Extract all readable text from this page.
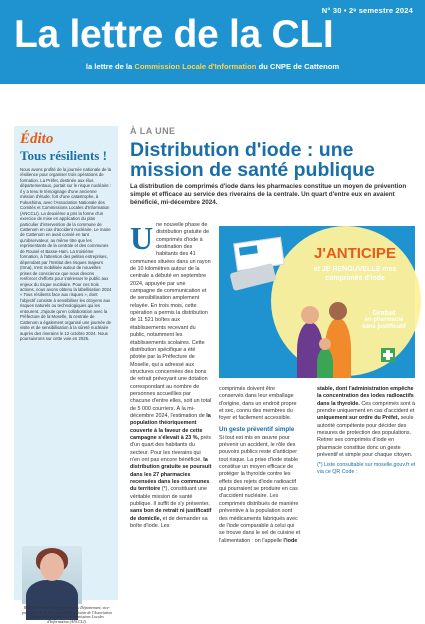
N° 30 • 2ᵉ semestre 2024
La lettre de la CLI
la lettre de la Commission Locale d'Information du CNPE de Cattenom
Édito
Tous résilients !
Nous avons profité de la journée nationale de la résilience pour organiser trois opérations de formation. La Préfet, destinée aux élus départementaux, portait sur le risque nucléaire : il y a tenu le témoignage d'une ancienne mission d'étude, fort d'une catastrophe, à Fukushima, avec l'Association Nationale des Comités et Commissions Locales d'Information (ANCCLI). La deuxième a pris la forme d'un exercice de mise en application du plan particulier d'intervention de la commune de Cattenom en cas d'accident nucléaire. Le maire de Cattenom en avait convié en tant qu'observateur, au même titre que les représentants de la centrale et des communes de Rousel et Basse-Ham. La troisième formation, à l'attention des petites entreprises, dépendant par l'Institut des risques majeurs (Irma), s'est mobilisée autour de nouvelles prises de conscience que nous devons renforcer d'efforts pour intéresser le public aux enjeux du risque nucléaire. Pour ces trois actions, nous avons obtenu la labellisation 2024 « Tous résilients face aux risques », dont l'objectif consiste à sensibiliser les citoyens aux risques naturels ou technologiques qui les entourent. J'ajoute qu'en collaboration avec la Préfecture de la Moselle, la centrale de Cattenom a également organisé une journée de visite et de sensibilisation à la sûreté nucléaire auprès des riverains le 12 octobre 2024. Nous poursuivrons sur cette voie en 2025.
Rachel Zirovnik, vice-présidente du Département, vice-présidente de la CLI, conseillère adjointe de l'Association Nationale des Comités et Commissions Locales d'Information (ANCCLI).
À LA UNE
Distribution d'iode : une mission de santé publique

La distribution de comprimés d'iode dans les pharmacies constitue un moyen de prévention simple et efficace au service des riverains de la centrale. Un quart d'entre eux en avaient bénéficié, mi-décembre 2024.

Une nouvelle phase de distribution gratuite de comprimés d'iode à destination des habitants des 41 communes situées dans un rayon de 10 kilomètres autour de la centrale a débuté en septembre 2024, appuyée par une campagne de communication et de sensibilisation amplement relayée. En trois mois, cette opération a permis la distribution de 11 521 boîtes aux établissements recevant du public, notamment les établissements scolaires. Cette distribution spécifique a été pilotée par la Préfecture de Moselle, qui a adressé aux structures concernées des bons de retrait prévoyant une dotation correspondant au nombre de personnes accueillies par chacune d'entre elles, soit un total de 5 000 courriers. À la mi-décembre 2024, l'estimation de la population théoriquement couverte à la faveur de cette campagne s'élevait à 23 %, prés d'un quart des habitants du secteur. Pour les riverains qui n'en ont pas encore bénéficié, la distribution gratuite se poursuit dans les 27 pharmacies recensées dans les communes du territoire (*), constituant une véritable mission de santé publique. Il suffit de s'y présenter, sans bon de retrait ni justificatif de domicile, et de demander sa boîte d'iode. Les
J'ANTICIPE
et JE RENOUVELLE mes comprimés d'iode
Gratuit
en pharmacie sans justificatif
comprimés doivent être conservés dans leur emballage d'origine, dans un endroit propre et sec, connu des membres du foyer et facilement accessible.
Un geste préventif simple
Si tout est mis en œuvre pour prévenir un accident, le rôle des pouvoirs publics reste d'anticiper tout risque. La prise d'iode stable constitue un moyen efficace de protéger la thyroïde contre les effets des rejets d'iode radioactif qui pourraient se produire en cas d'accident nucléaire. Les comprimés distribués de manière préventive à la population sont des médicaments fabriqués avec de l'iode comparable à celui qui se trouve dans le sel de cuisine et l'alimentation : on l'appelle l'iode
stable, dont l'administration empêche la concentration des iodes radioactifs dans la thyroïde. Ces comprimés sont à prendre uniquement en cas d'accident et uniquement sur ordre du Préfet, seule autorité compétente pour décider des mesures de protection des populations. Retirer ses comprimés d'iode en pharmacie constitue donc un geste préventif et simple pour chaque citoyen.
(*) Liste consultable sur moselle.gouv.fr et via ce QR Code :
